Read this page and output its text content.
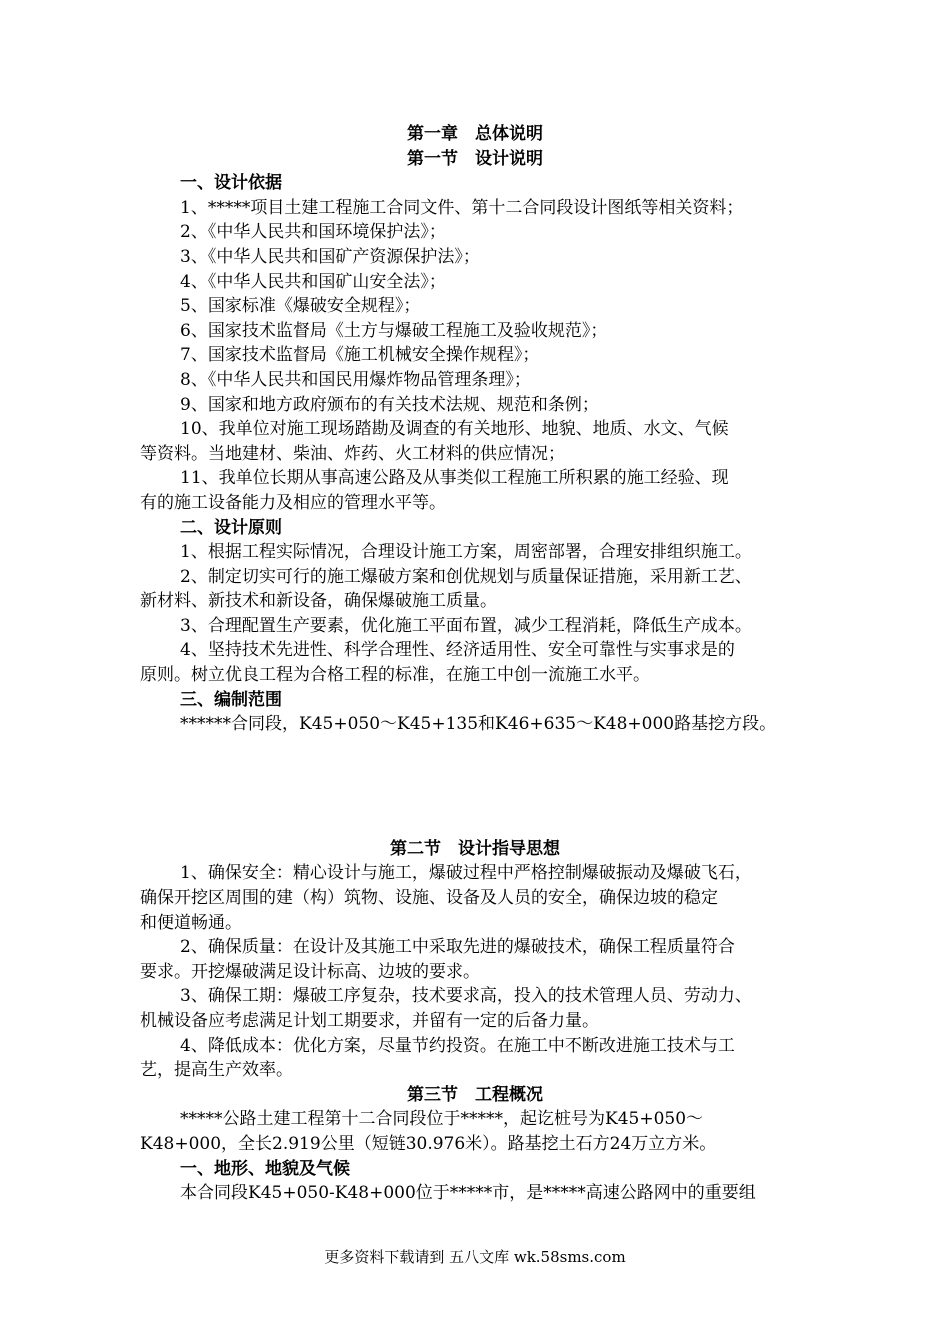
第一章　总体说明
第一节　设计说明
一、设计依据
1、*****项目土建工程施工合同文件、第十二合同段设计图纸等相关资料；
2、《中华人民共和国环境保护法》；
3、《中华人民共和国矿产资源保护法》；
4、《中华人民共和国矿山安全法》；
5、国家标准《爆破安全规程》；
6、国家技术监督局《土方与爆破工程施工及验收规范》；
7、国家技术监督局《施工机械安全操作规程》；
8、《中华人民共和国民用爆炸物品管理条理》；
9、国家和地方政府颁布的有关技术法规、规范和条例；
10、我单位对施工现场踏勘及调查的有关地形、地貌、地质、水文、气候
等资料。当地建材、柴油、炸药、火工材料的供应情况；
11、我单位长期从事高速公路及从事类似工程施工所积累的施工经验、现
有的施工设备能力及相应的管理水平等。
二、设计原则
1、根据工程实际情况，合理设计施工方案，周密部署，合理安排组织施工。
2、制定切实可行的施工爆破方案和创优规划与质量保证措施，采用新工艺、
新材料、新技术和新设备，确保爆破施工质量。
3、合理配置生产要素，优化施工平面布置，减少工程消耗，降低生产成本。
4、坚持技术先进性、科学合理性、经济适用性、安全可靠性与实事求是的
原则。树立优良工程为合格工程的标准，在施工中创一流施工水平。
三、编制范围
******合同段，K45+050～K45+135和K46+635～K48+000路基挖方段。
第二节　设计指导思想
1、确保安全：精心设计与施工，爆破过程中严格控制爆破振动及爆破飞石，
确保开挖区周围的建（构）筑物、设施、设备及人员的安全，确保边坡的稳定
和便道畅通。
2、确保质量：在设计及其施工中采取先进的爆破技术，确保工程质量符合
要求。开挖爆破满足设计标高、边坡的要求。
3、确保工期：爆破工序复杂，技术要求高，投入的技术管理人员、劳动力、
机械设备应考虑满足计划工期要求，并留有一定的后备力量。
4、降低成本：优化方案，尽量节约投资。在施工中不断改进施工技术与工
艺，提高生产效率。
第三节　工程概况
*****公路土建工程第十二合同段位于*****，起讫桩号为K45+050～
K48+000，全长2.919公里（短链30.976米）。路基挖土石方24万立方米。
一、地形、地貌及气候
本合同段K45+050-K48+000位于*****市，是*****高速公路网中的重要组
更多资料下载请到 五八文库 wk.58sms.com
